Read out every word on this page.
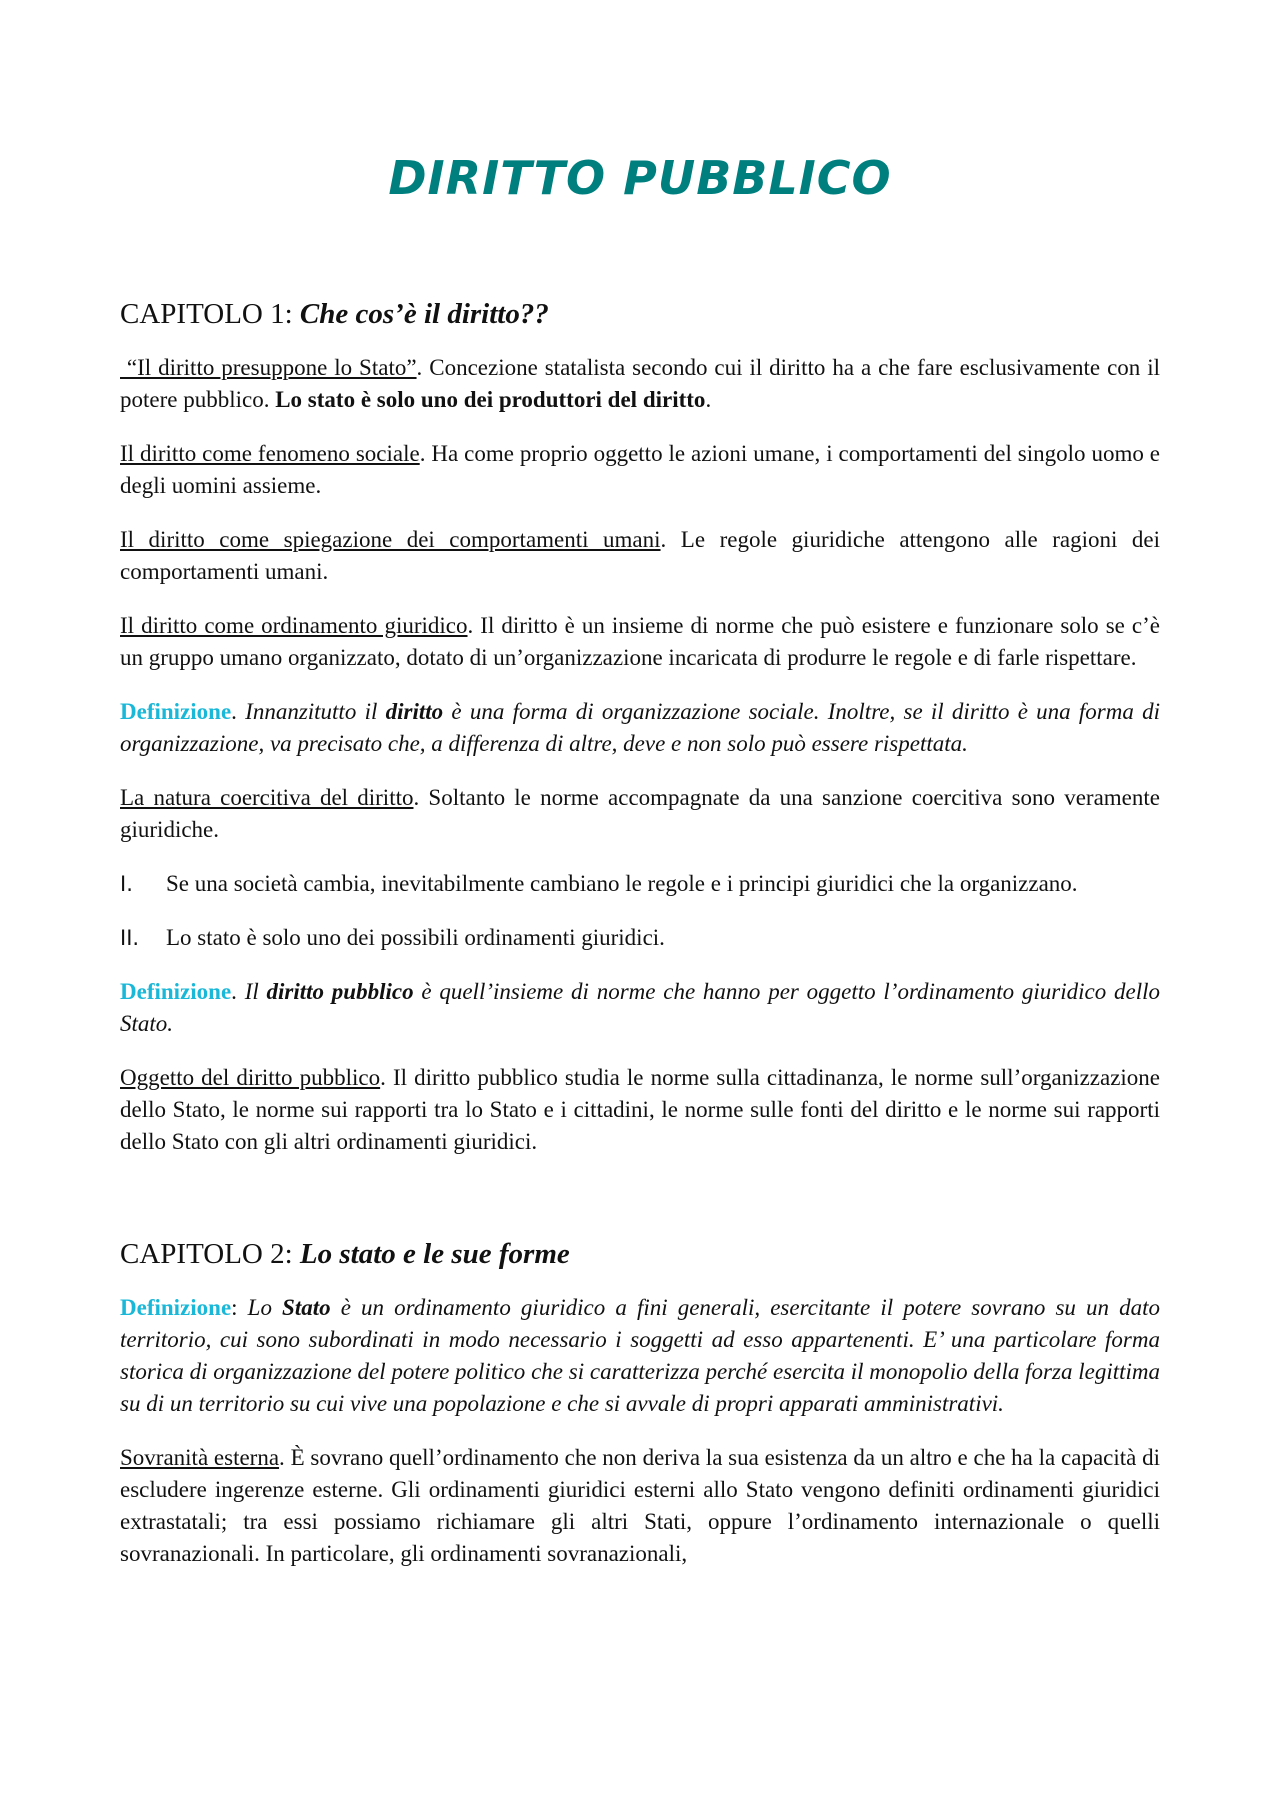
DIRITTO PUBBLICO
CAPITOLO 1: Che cos’è il diritto??

“Il diritto presuppone lo Stato”. Concezione statalista secondo cui il diritto ha a che fare esclusivamente con il potere pubblico. Lo stato è solo uno dei produttori del diritto.

Il diritto come fenomeno sociale. Ha come proprio oggetto le azioni umane, i comportamenti del singolo uomo e degli uomini assieme.

Il diritto come spiegazione dei comportamenti umani. Le regole giuridiche attengono alle ragioni dei comportamenti umani.

Il diritto come ordinamento giuridico. Il diritto è un insieme di norme che può esistere e funzionare solo se c’è un gruppo umano organizzato, dotato di un’organizzazione incaricata di produrre le regole e di farle rispettare.

Definizione. Innanzitutto il diritto è una forma di organizzazione sociale. Inoltre, se il diritto è una forma di organizzazione, va precisato che, a differenza di altre, deve e non solo può essere rispettata.

La natura coercitiva del diritto. Soltanto le norme accompagnate da una sanzione coercitiva sono veramente giuridiche.

I.	Se una società cambia, inevitabilmente cambiano le regole e i principi giuridici che la organizzano.
II.	Lo stato è solo uno dei possibili ordinamenti giuridici.

Definizione. Il diritto pubblico è quell’insieme di norme che hanno per oggetto l’ordinamento giuridico dello Stato.

Oggetto del diritto pubblico. Il diritto pubblico studia le norme sulla cittadinanza, le norme sull’organizzazione dello Stato, le norme sui rapporti tra lo Stato e i cittadini, le norme sulle fonti del diritto e le norme sui rapporti dello Stato con gli altri ordinamenti giuridici.

CAPITOLO 2: Lo stato e le sue forme

Definizione: Lo Stato è un ordinamento giuridico a fini generali, esercitante il potere sovrano su un dato territorio, cui sono subordinati in modo necessario i soggetti ad esso appartenenti. E’ una particolare forma storica di organizzazione del potere politico che si caratterizza perché esercita il monopolio della forza legittima su di un territorio su cui vive una popolazione e che si avvale di propri apparati amministrativi.

Sovranità esterna. È sovrano quell’ordinamento che non deriva la sua esistenza da un altro e che ha la capacità di escludere ingerenze esterne. Gli ordinamenti giuridici esterni allo Stato vengono definiti ordinamenti giuridici extrastatali; tra essi possiamo richiamare gli altri Stati, oppure l’ordinamento internazionale o quelli sovranazionali. In particolare, gli ordinamenti sovranazionali,
